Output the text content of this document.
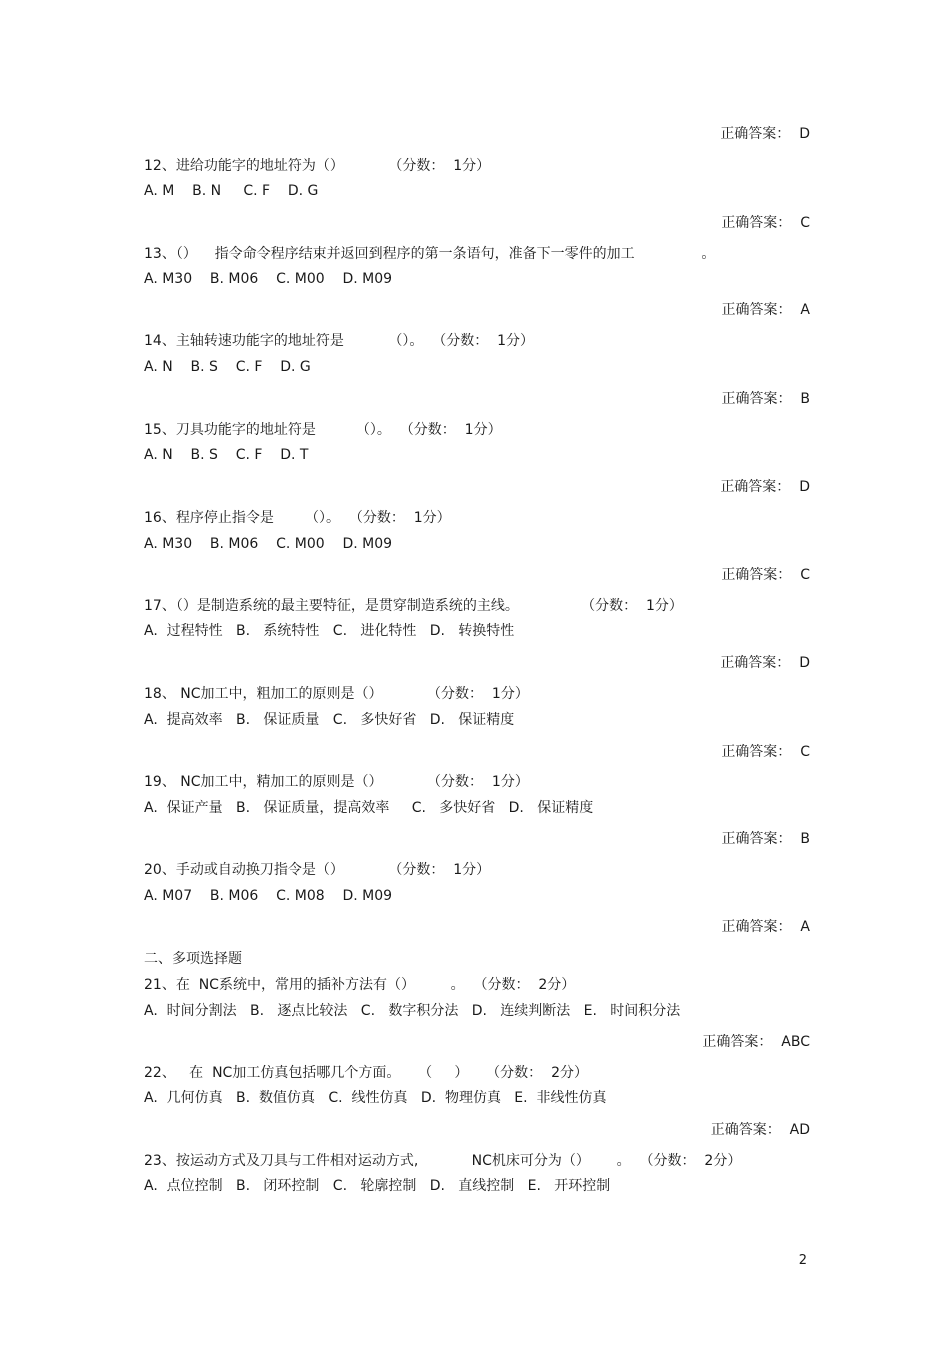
正确答案：  D
12、进给功能字的地址符为（）          （分数：  1分）
A. M    B. N     C. F    D. G
正确答案：  C
13、（）    指令命令程序结束并返回到程序的第一条语句，准备下一零件的加工               。
A. M30    B. M06    C. M00    D. M09
正确答案：  A
14、主轴转速功能字的地址符是          （）。  （分数：  1分）
A. N    B. S    C. F    D. G
正确答案：  B
15、刀具功能字的地址符是         （）。  （分数：  1分）
A. N    B. S    C. F    D. T
正确答案：  D
16、程序停止指令是       （）。  （分数：  1分）
A. M30    B. M06    C. M00    D. M09
正确答案：  C
17、（）是制造系统的最主要特征，是贯穿制造系统的主线。              （分数：  1分）
A.  过程特性   B.   系统特性   C.   进化特性   D.   转换特性
正确答案：  D
18、 NC加工中，粗加工的原则是（）          （分数：  1分）
A.  提高效率   B.   保证质量   C.   多快好省   D.   保证精度
正确答案：  C
19、 NC加工中，精加工的原则是（）          （分数：  1分）
A.  保证产量   B.   保证质量，提高效率     C.   多快好省   D.   保证精度
正确答案：  B
20、手动或自动换刀指令是（）          （分数：  1分）
A. M07    B. M06    C. M08    D. M09
正确答案：  A
二、多项选择题
21、在  NC系统中，常用的插补方法有（）        。  （分数：  2分）
A.  时间分割法   B.   逐点比较法   C.   数字积分法   D.   连续判断法   E.   时间积分法
正确答案：  ABC
22、   在  NC加工仿真包括哪几个方面。    （     ）    （分数：  2分）
A.  几何仿真   B.  数值仿真   C.  线性仿真   D.  物理仿真   E.  非线性仿真
正确答案：  AD
23、按运动方式及刀具与工件相对运动方式,            NC机床可分为（）      。  （分数：  2分）
A.  点位控制   B.   闭环控制   C.   轮廓控制   D.   直线控制   E.   开环控制
2
